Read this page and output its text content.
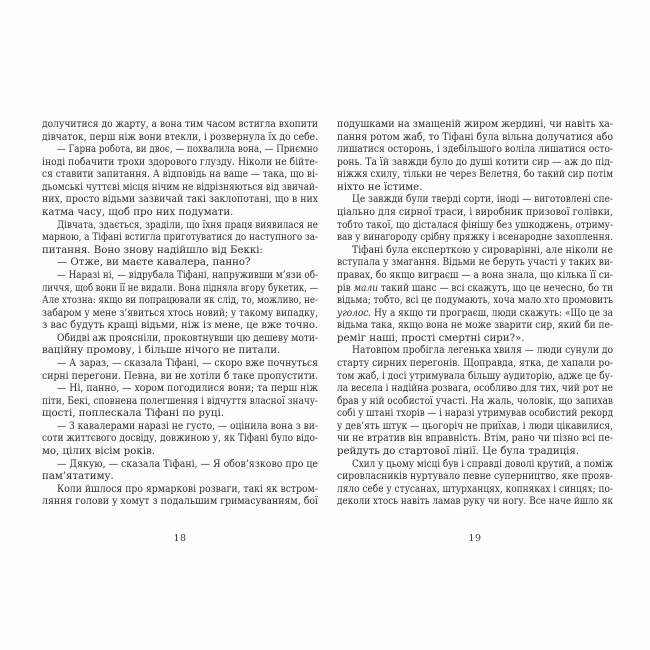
долучитися до жарту, а вона тим часом встигла вхопити
дівчаток, перш ніж вони втекли, і розвернула їх до себе.
— Гарна робота, ви двоє, — похвалила вона, — Приємно
іноді побачити трохи здорового глузду. Ніколи не бійте-
ся ставити запитання. А відповідь на ваше — така, що ві-
дьомські чуттєві місця нічим не відрізняються від звичай-
них, просто відьми зазвичай такі заклопотані, що в них
катма часу, щоб про них подумати.
Дівчата, здається, зраділи, що їхня праця виявилася не
марною, а Тіфані встигла приготуватися до наступного за-
питання. Воно знову надійшло від Беккі:
— Отже, ви маєте кавалера, панно?
— Наразі ні, — відрубала Тіфані, напруживши м’язи об-
личчя, щоб вони її не видали. Вона підняла вгору букетик, —
Але хтозна: якщо ви попрацювали як слід, то, можливо, не-
забаром у мене з’явиться хтось новий; у такому випадку,
з вас будуть кращі відьми, ніж із мене, це вже точно.
Обидві аж проясніли, проковтнувши цю дешеву моти-
ваційну промову, і більше нічого не питали.
— А зараз, — сказала Тіфані, — скоро вже почнуться
сирні перегони. Певна, ви не хотіли б таке пропустити.
— Ні, панно, — хором погодилися вони; та перш ніж
піти, Бекі, сповнена полегшення і відчуття власної значу-
щості, поплескала Тіфані по руці.
— З кавалерами наразі не густо, — оцінила вона з ви-
соти життєвого досвіду, довжиною у, як Тіфані було відо-
мо, цілих вісім років.
— Дякую, — сказала Тіфані, — Я обов’язково про це
пам’ятатиму.
Коли йшлося про ярмаркові розваги, такі як встром-
ляння голови у хомут з подальшим гримасуванням, бої
подушками на змащеній жиром жердині, чи навіть ха-
пання ротом жаб, то Тіфані була вільна долучатися або
лишатися осторонь, і здебільшого воліла лишатися осто-
ронь. Та їй завжди було до душі котити сир — аж до під-
ніжжя схилу, тільки не через Велетня, бо такий сир потім
ніхто не їстиме.
Це завжди були тверді сорти, іноді — виготовлені спе-
ціально для сирної траси, і виробник призової голівки,
тобто такої, що дісталася фінішу без ушкоджень, отриму-
вав у винагороду срібну пряжку і всенародне захоплення.
Тіфані була експерткою у сироварінні, але ніколи не
вступала у змагання. Відьми не беруть участі у таких ви-
правах, бо якщо виграєш — а вона знала, що кілька її си-
рів мали такий шанс — всі скажуть, що це нечесно, бо ти
відьма; тобто, всі це подумають, хоча мало хто промовить
уголос. Ну а якщо ти програєш, люди скажуть: «Що це за
відьма така, якщо вона не може зварити сир, який би пе-
реміг наші, прості смертні сири?».
Натовпом пробігла легенька хвиля — люди сунули до
старту сирних перегонів. Щоправда, ятка, де хапали ро-
том жаб, і досі утримувала більшу аудиторію, адже це бу-
ла весела і надійна розвага, особливо для тих, чий рот не
брав у ній особистої участі. На жаль, чоловік, що запихав
собі у штані тхорів — і наразі утримував особистий рекорд
у дев’ять штук — цьогоріч не приїхав, і люди цікавилися,
чи не втратив він вправність. Втім, рано чи пізно всі пе-
рейдуть до стартової лінії. Це була традиція.
Схил у цьому місці був і справді доволі крутий, а поміж
сировласників нуртувало певне суперництво, яке прояв-
ляло себе у стусанах, штурханцях, копняках і синцях; по-
деколи хтось навіть ламав руку чи ногу. Все наче йшло як
18	19
